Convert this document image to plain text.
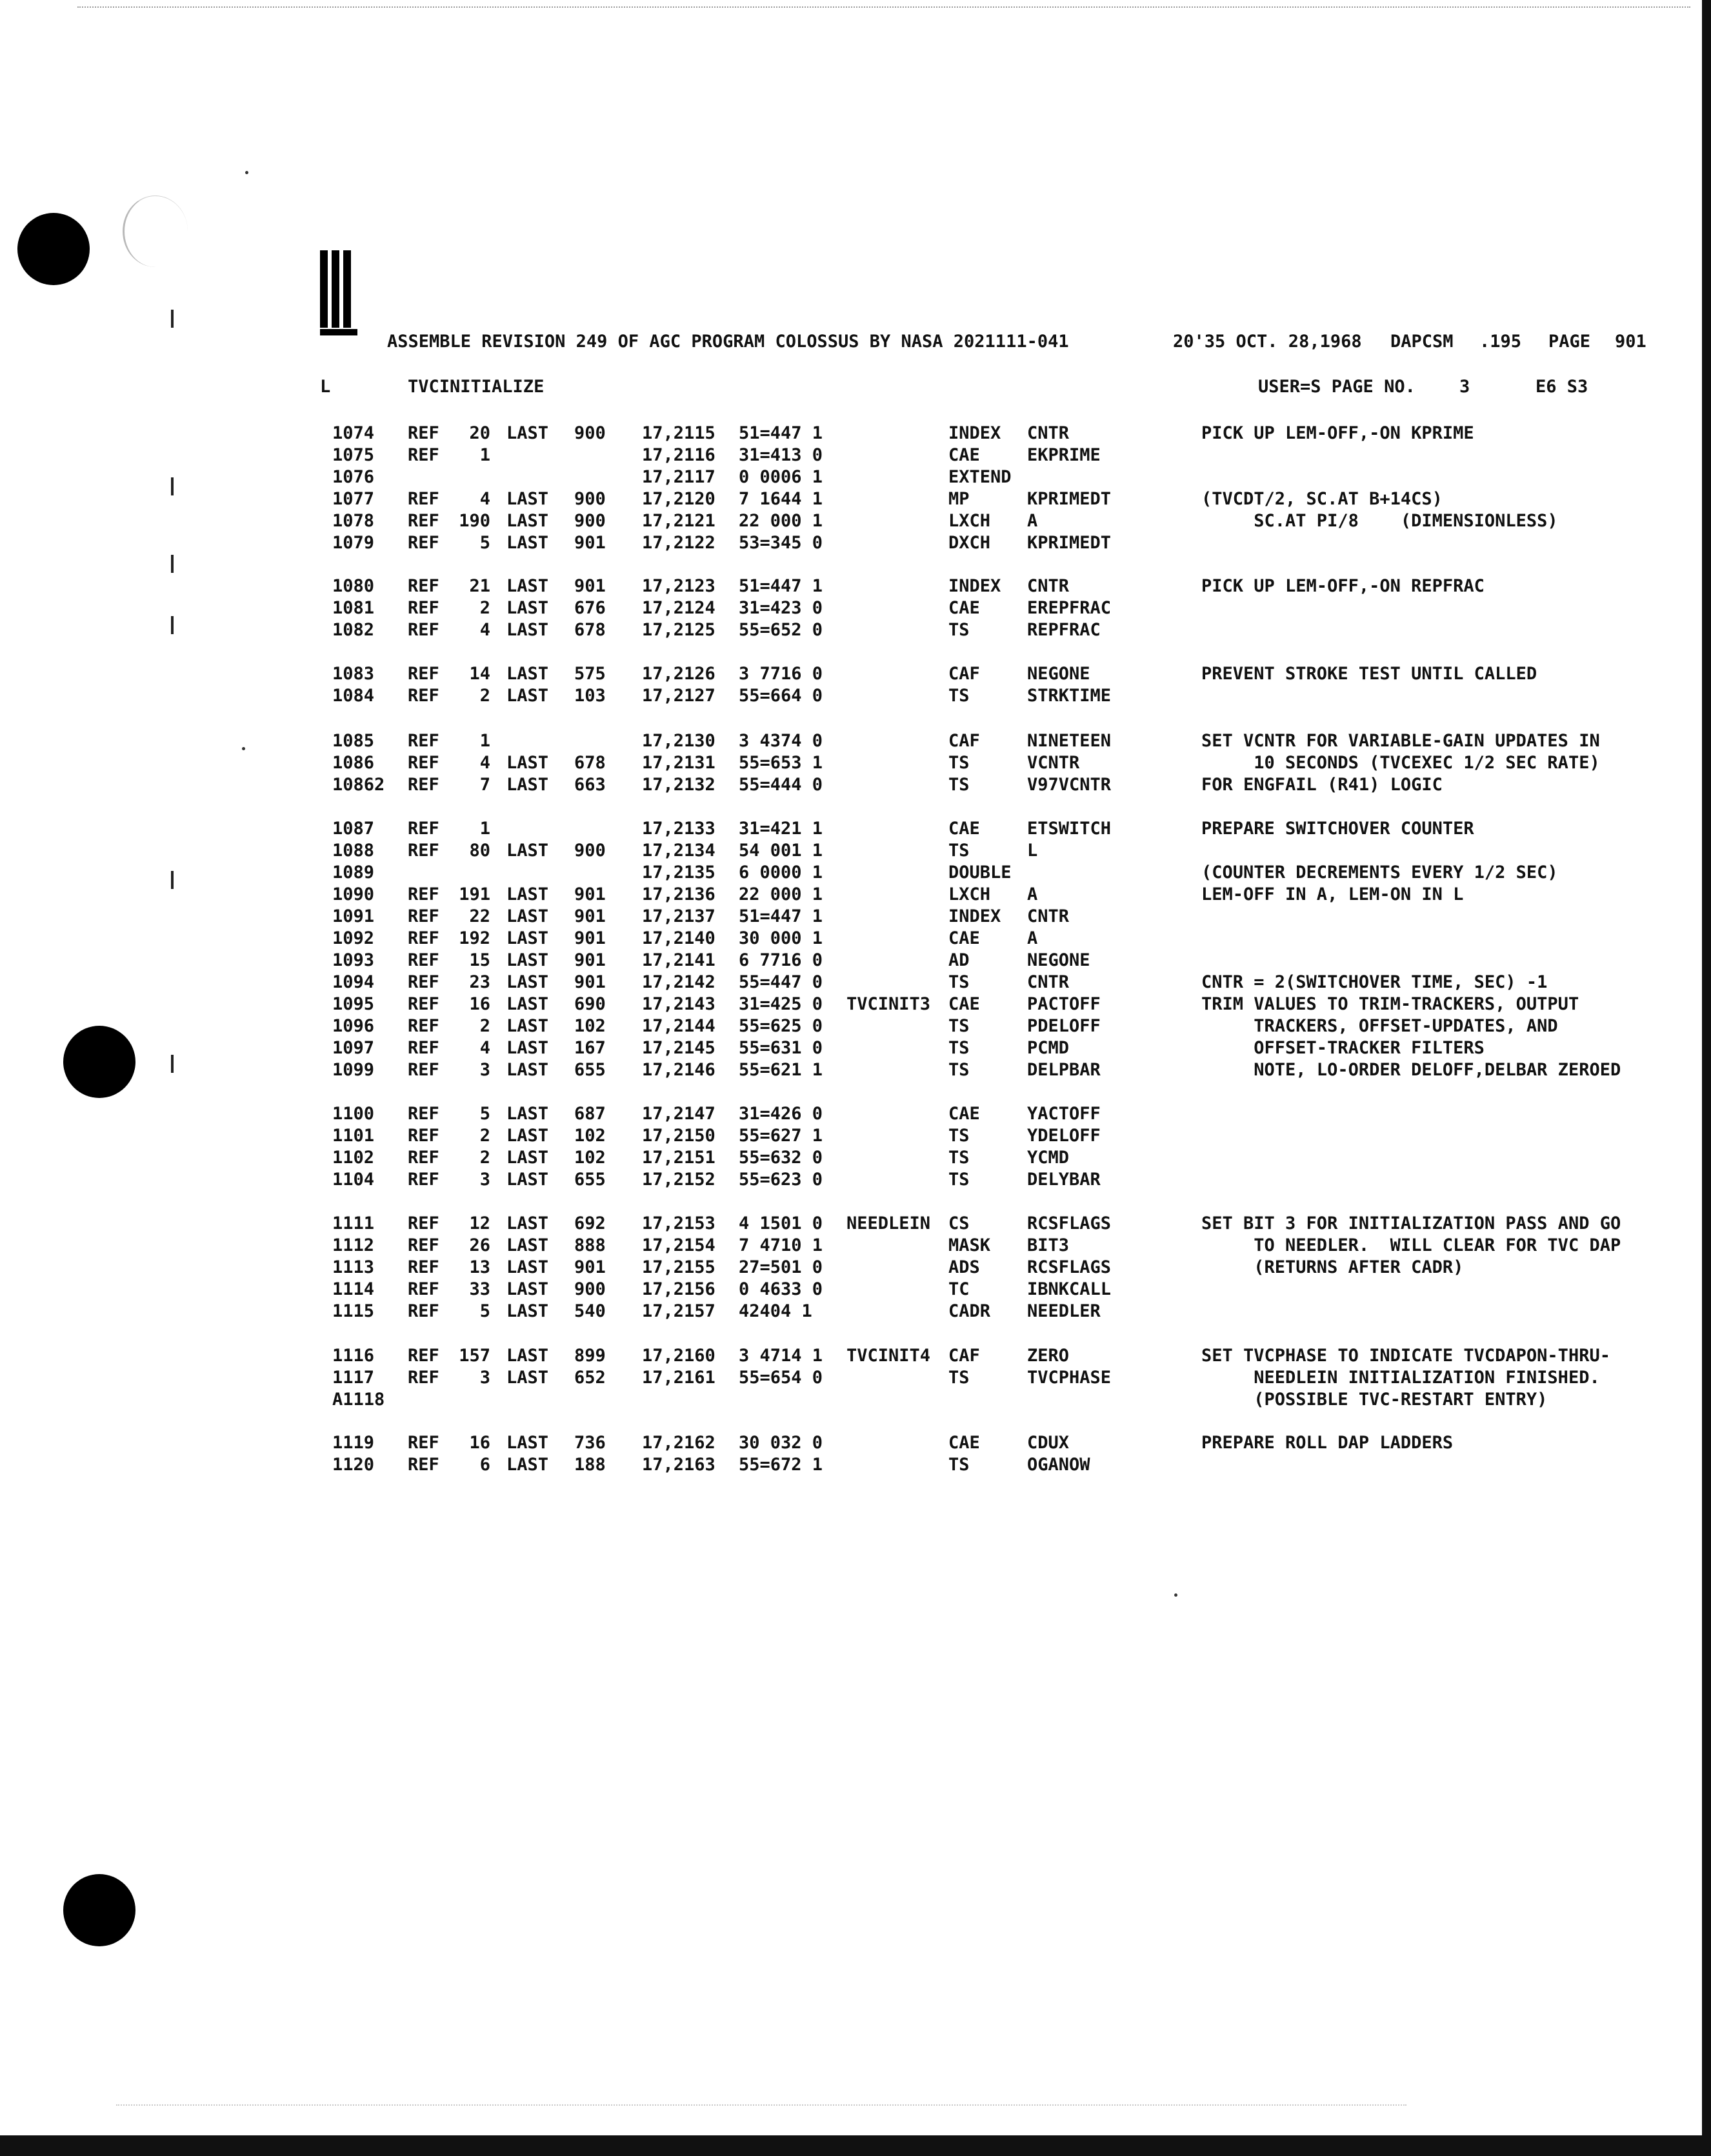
ASSEMBLE REVISION 249 OF AGC PROGRAM COLOSSUS BY NASA 2021111-041	20'35 OCT. 28,1968 DAPCSM .195 PAGE 901
L	TVCINITIALIZE	USER=S PAGE NO.	3	E6 S3
1074 REF	20 LAST 900 17,2115 51=447 1	INDEX CNTR	PICK UP LEM-OFF,-ON KPRIME
1075 REF	1	17,2116 31=413 0	CAE	EKPRIME
1076	17,2117 0 0006 1	EXTEND
1077 REF	4 LAST 900 17,2120 7 1644 1	MP	KPRIMEDT	(TVCDT/2, SC.AT B+14CS)
1078 REF	190 LAST 900 17,2121 22 000 1	LXCH A	SC.AT PI/8    (DIMENSIONLESS)
1079 REF	5 LAST 901 17,2122 53=345 0	DXCH KPRIMEDT
1080 REF	21 LAST 901 17,2123 51=447 1	INDEX CNTR	PICK UP LEM-OFF,-ON REPFRAC
1081 REF	2 LAST 676 17,2124 31=423 0	CAE	EREPFRAC
1082 REF	4 LAST 678 17,2125 55=652 0	TS	REPFRAC
1083 REF	14 LAST 575 17,2126 3 7716 0	CAF	NEGONE	PREVENT STROKE TEST UNTIL CALLED
1084 REF	2 LAST 103 17,2127 55=664 0	TS	STRKTIME
1085 REF	1	17,2130 3 4374 0	CAF	NINETEEN	SET VCNTR FOR VARIABLE-GAIN UPDATES IN
1086 REF	4 LAST 678 17,2131 55=653 1	TS	VCNTR	10 SECONDS (TVCEXEC 1/2 SEC RATE)
10862 REF	7 LAST 663 17,2132 55=444 0	TS	V97VCNTR	FOR ENGFAIL (R41) LOGIC
1087 REF	1	17,2133 31=421 1	CAE	ETSWITCH	PREPARE SWITCHOVER COUNTER
1088 REF	80 LAST 900 17,2134 54 001 1	TS	L
1089	17,2135 6 0000 1	DOUBLE	(COUNTER DECREMENTS EVERY 1/2 SEC)
1090 REF	191 LAST 901 17,2136 22 000 1	LXCH A	LEM-OFF IN A, LEM-ON IN L
1091 REF	22 LAST 901 17,2137 51=447 1	INDEX CNTR
1092 REF	192 LAST 901 17,2140 30 000 1	CAE	A
1093 REF	15 LAST 901 17,2141 6 7716 0	AD	NEGONE
1094 REF	23 LAST 901 17,2142 55=447 0	TS	CNTR	CNTR = 2(SWITCHOVER TIME, SEC) -1
1095 REF	16 LAST 690 17,2143 31=425 0 TVCINIT3 CAE	PACTOFF	TRIM VALUES TO TRIM-TRACKERS, OUTPUT
1096 REF	2 LAST 102 17,2144 55=625 0	TS	PDELOFF	TRACKERS, OFFSET-UPDATES, AND
1097 REF	4 LAST 167 17,2145 55=631 0	TS	PCMD	OFFSET-TRACKER FILTERS
1099 REF	3 LAST 655 17,2146 55=621 1	TS	DELPBAR	NOTE, LO-ORDER DELOFF,DELBAR ZEROED
1100 REF	5 LAST 687 17,2147 31=426 0	CAE	YACTOFF
1101 REF	2 LAST 102 17,2150 55=627 1	TS	YDELOFF
1102 REF	2 LAST 102 17,2151 55=632 0	TS	YCMD
1104 REF	3 LAST 655 17,2152 55=623 0	TS	DELYBAR
1111 REF	12 LAST 692 17,2153 4 1501 0 NEEDLEIN CS	RCSFLAGS	SET BIT 3 FOR INITIALIZATION PASS AND GO
1112 REF	26 LAST 888 17,2154 7 4710 1	MASK BIT3	TO NEEDLER.  WILL CLEAR FOR TVC DAP
1113 REF	13 LAST 901 17,2155 27=501 0	ADS	RCSFLAGS	(RETURNS AFTER CADR)
1114 REF	33 LAST 900 17,2156 0 4633 0	TC	IBNKCALL
1115 REF	5 LAST 540 17,2157 42404 1	CADR NEEDLER
1116 REF	157 LAST 899 17,2160 3 4714 1 TVCINIT4 CAF	ZERO	SET TVCPHASE TO INDICATE TVCDAPON-THRU-
1117 REF	3 LAST 652 17,2161 55=654 0	TS	TVCPHASE	NEEDLEIN INITIALIZATION FINISHED.
A1118	(POSSIBLE TVC-RESTART ENTRY)
1119 REF	16 LAST 736 17,2162 30 032 0	CAE	CDUX	PREPARE ROLL DAP LADDERS
1120 REF	6 LAST 188 17,2163 55=672 1	TS	OGANOW
